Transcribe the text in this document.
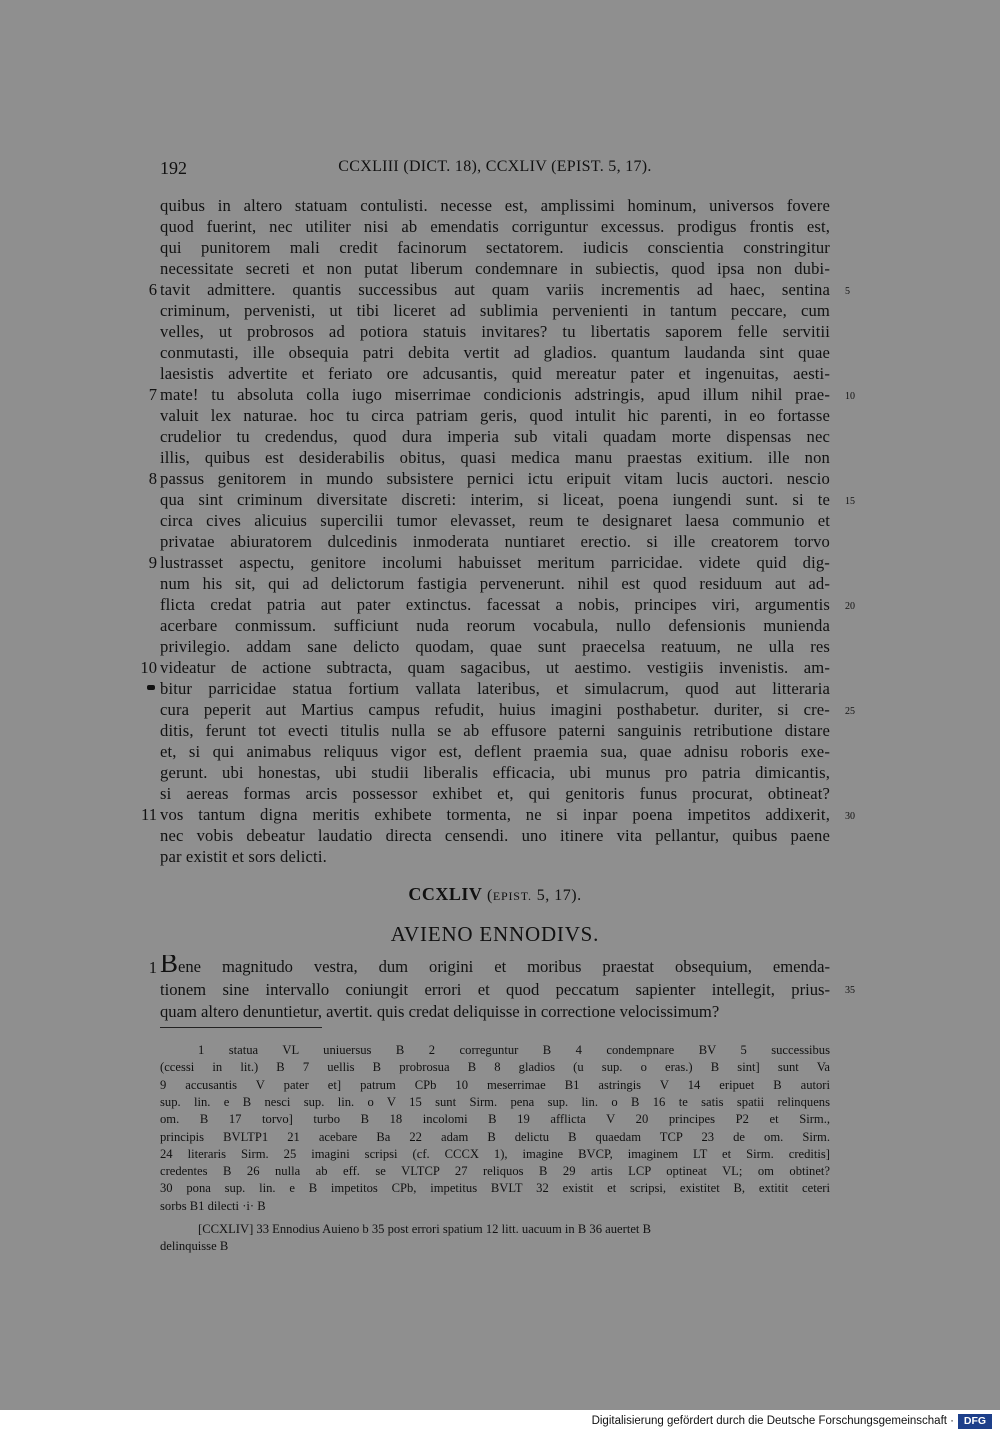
192	CCXLIII (DICT. 18), CCXLIV (EPIST. 5, 17).
quibus in altero statuam contulisti. necesse est, amplissimi hominum, universos fovere
quod fuerint, nec utiliter nisi ab emendatis corriguntur excessus. prodigus frontis est,
qui punitorem mali credit facinorum sectatorem. iudicis conscientia constringitur
necessitate secreti et non putat liberum condemnare in subiectis, quod ipsa non dubi-
tavit admittere. quantis successibus aut quam variis incrementis ad haec, sentina
criminum, pervenisti, ut tibi liceret ad sublimia pervenienti in tantum peccare, cum
velles, ut probrosos ad potiora statuis invitares? tu libertatis saporem felle servitii
conmutasti, ille obsequia patri debita vertit ad gladios. quantum laudanda sint quae
laesistis advertite et feriato ore adcusantis, quid mereatur pater et ingenuitas, aesti-
mate! tu absoluta colla iugo miserrimae condicionis adstringis, apud illum nihil prae-
valuit lex naturae. hoc tu circa patriam geris, quod intulit hic parenti, in eo fortasse
crudelior tu credendus, quod dura imperia sub vitali quadam morte dispensas nec
illis, quibus est desiderabilis obitus, quasi medica manu praestas exitium. ille non
passus genitorem in mundo subsistere pernici ictu eripuit vitam lucis auctori. nescio
qua sint criminum diversitate discreti: interim, si liceat, poena iungendi sunt. si te
circa cives alicuius supercilii tumor elevasset, reum te designaret laesa communio et
privatae abiuratorem dulcedinis inmoderata nuntiaret erectio. si ille creatorem torvo
lustrasset aspectu, genitore incolumi habuisset meritum parricidae. videte quid dig-
num his sit, qui ad delictorum fastigia pervenerunt. nihil est quod residuum aut ad-
flicta credat patria aut pater extinctus. facessat a nobis, principes viri, argumentis
acerbare conmissum. sufficiunt nuda reorum vocabula, nullo defensionis munienda
privilegio. addam sane delicto quodam, quae sunt praecelsa reatuum, ne ulla res
videatur de actione subtracta, quam sagacibus, ut aestimo. vestigiis invenistis. am-
bitur parricidae statua fortium vallata lateribus, et simulacrum, quod aut litteraria
cura peperit aut Martius campus refudit, huius imagini posthabetur. duriter, si cre-
ditis, ferunt tot evecti titulis nulla se ab effusore paterni sanguinis retributione distare
et, si qui animabus reliquus vigor est, deflent praemia sua, quae adnisu roboris exe-
gerunt. ubi honestas, ubi studii liberalis efficacia, ubi munus pro patria dimicantis,
si aereas formas arcis possessor exhibet et, qui genitoris funus procurat, obtineat?
vos tantum digna meritis exhibete tormenta, ne si inpar poena impetitos addixerit,
nec vobis debeatur laudatio directa censendi. uno itinere vita pellantur, quibus paene
par existit et sors delicti.
6
7
8
9
10
11
5
10
15
20
25
30
CCXLIV (EPIST. 5, 17).
AVIENO ENNODIVS.
1 Bene magnitudo vestra, dum origini et moribus praestat obsequium, emenda-
tionem sine intervallo coniungit errori et quod peccatum sapienter intellegit, prius-
quam altero denuntietur, avertit. quis credat deliquisse in correctione velocissimum?
35
1 statua VL uniuersus B 2 correguntur B 4 condempnare BV 5 successibus
(ccessi in lit.) B 7 uellis B probrosua B 8 gladios (u sup. o eras.) B sint] sunt Va
9 accusantis V pater et] patrum CPb 10 meserrimae B1 astringis V 14 eripuet B autori
sup. lin. e B nesci sup. lin. o V 15 sunt Sirm. pena sup. lin. o B 16 te satis spatii relinquens
om. B 17 torvo] turbo B 18 incolomi B 19 afflicta V 20 principes P2 et Sirm.,
principis BVLTP1 21 acebare Ba 22 adam B delictu B quaedam TCP 23 de om. Sirm.
24 literaris Sirm. 25 imagini scripsi (cf. CCCX 1), imagine BVCP, imaginem LT et Sirm. creditis]
credentes B 26 nulla ab eff. se VLTCP 27 reliquos B 29 artis LCP optineat VL; om obtinet?
30 pona sup. lin. e B impetitos CPb, impetitus BVLT 32 existit et scripsi, existitet B, extitit ceteri
sorbs B1 dilecti ·i· B
[CCXLIV] 33 Ennodius Auieno b 35 post errori spatium 12 litt. uacuum in B 36 auertet B
delinquisse B
Digitalisierung gefördert durch die Deutsche Forschungsgemeinschaft · DFG
